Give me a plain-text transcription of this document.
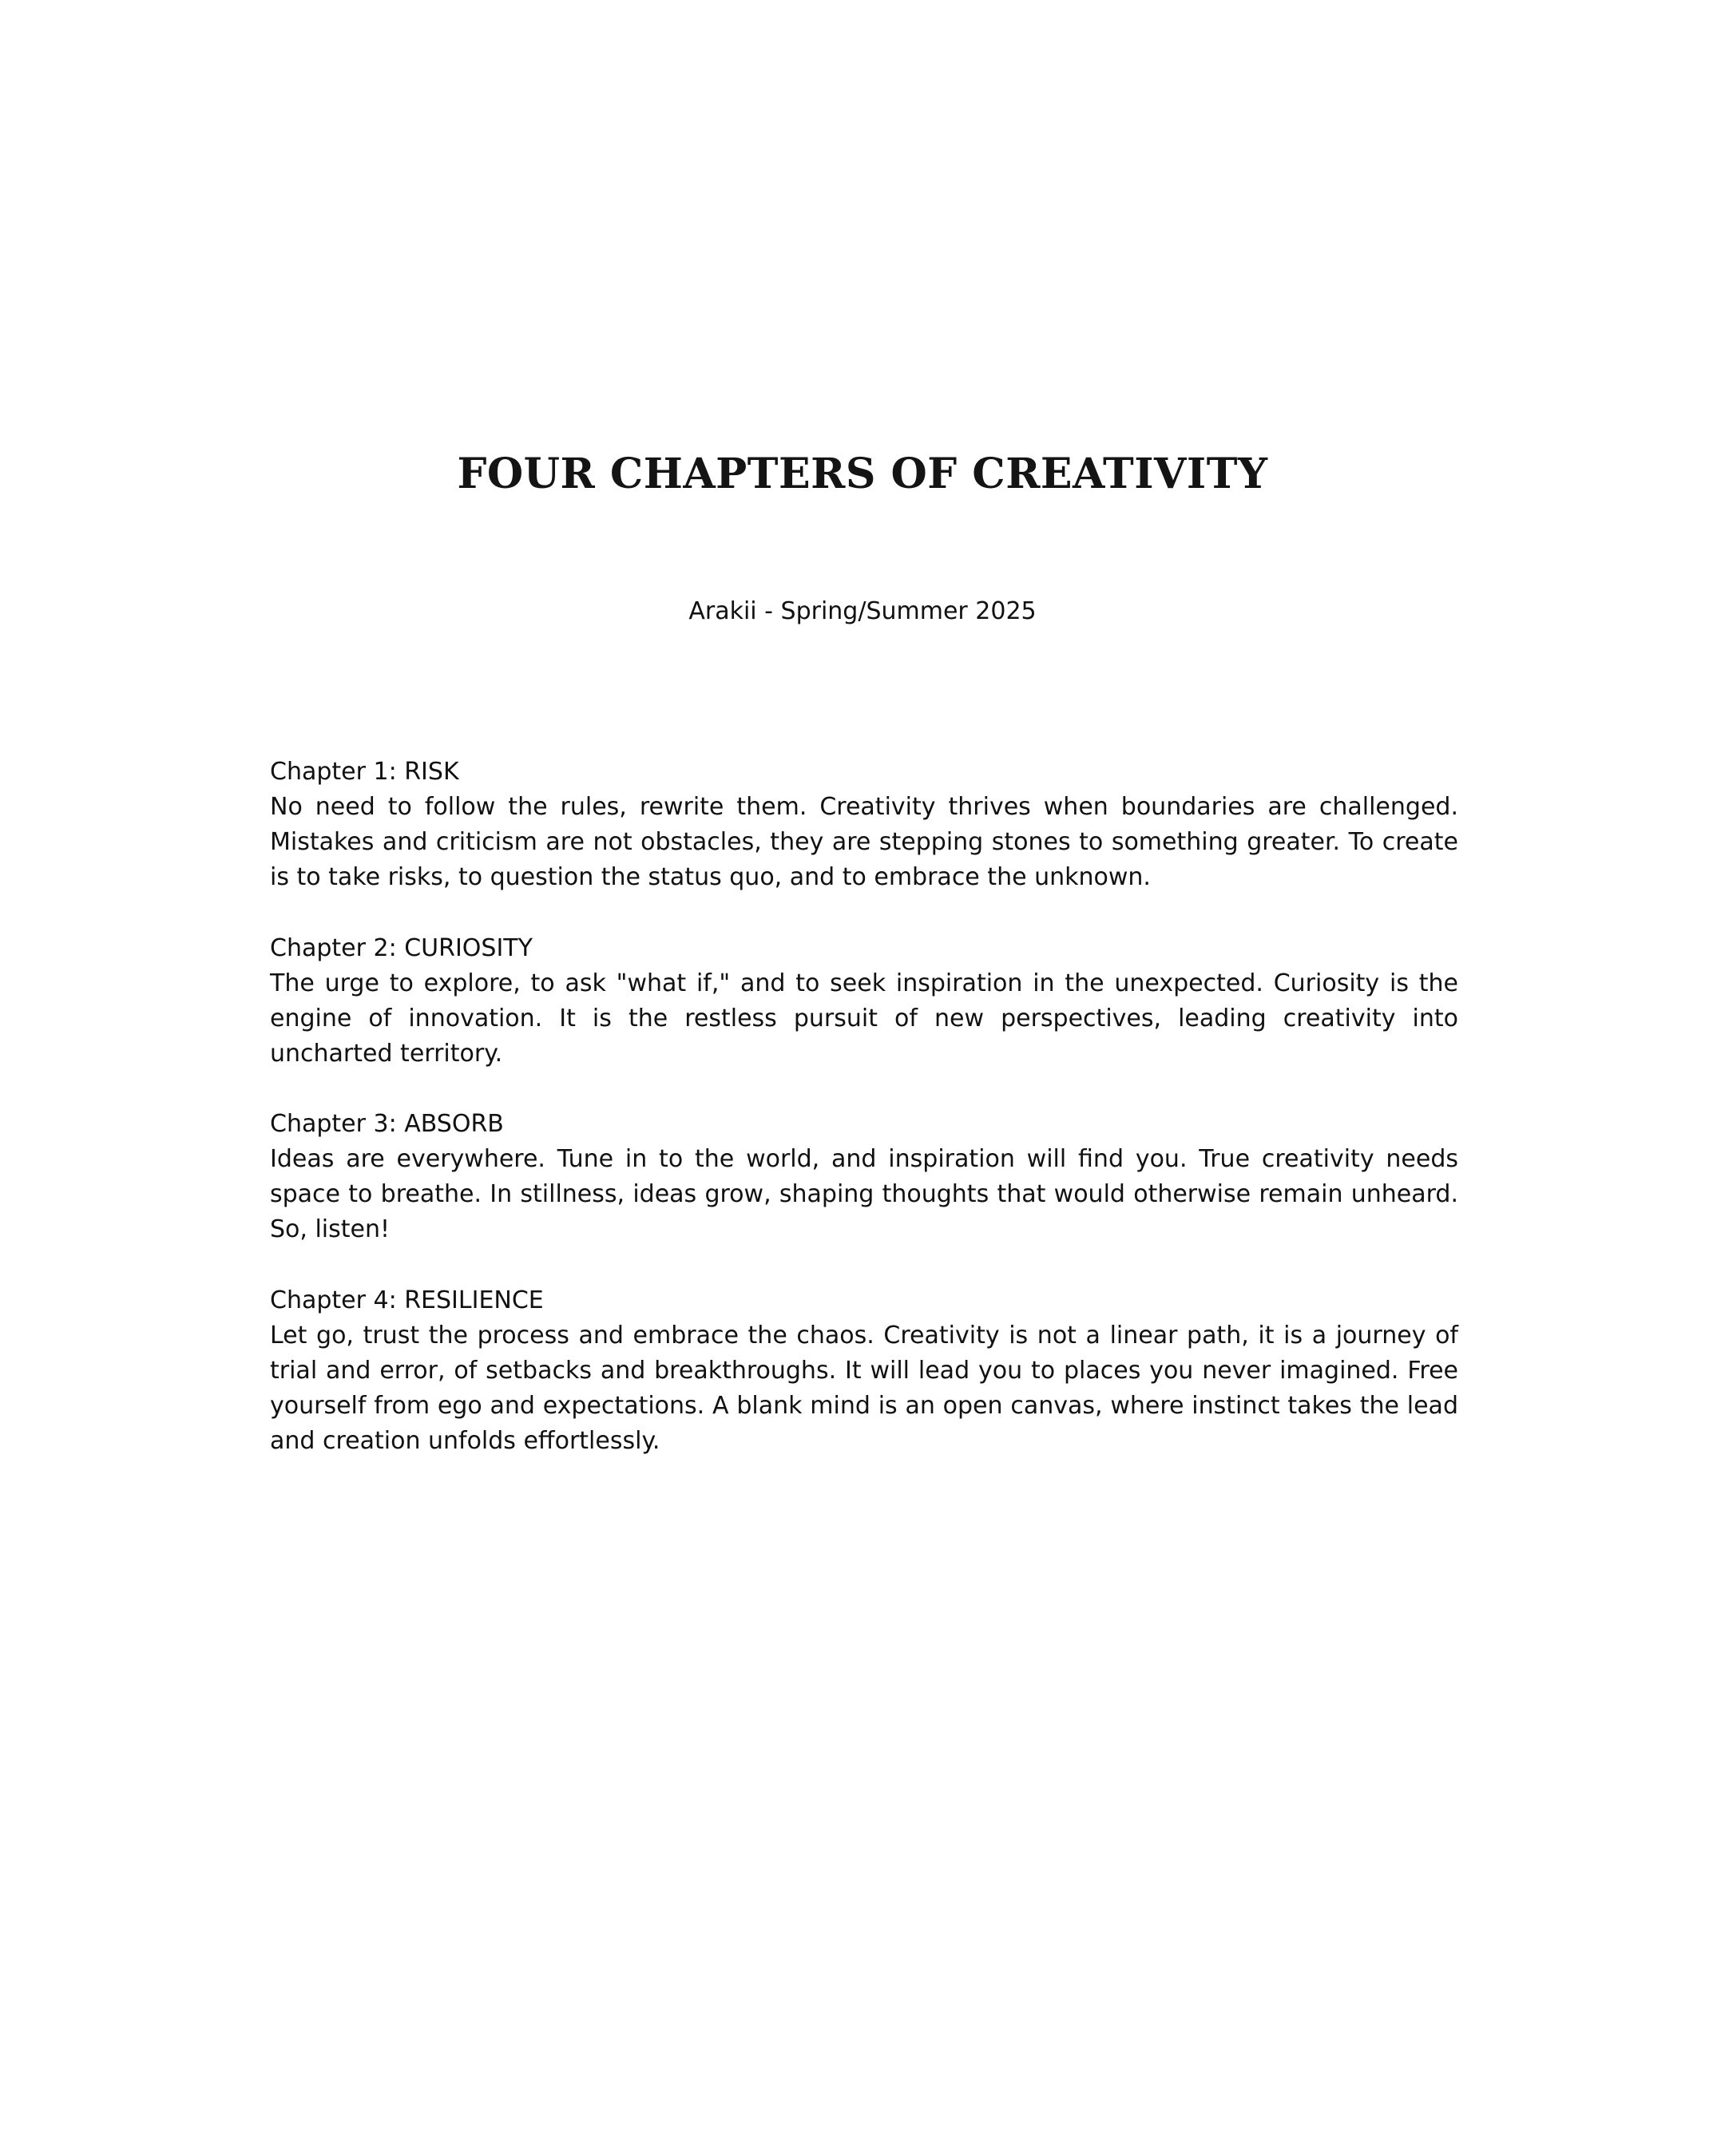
FOUR CHAPTERS OF CREATIVITY

Arakii - Spring/Summer 2025

Chapter 1: RISK
No need to follow the rules, rewrite them. Creativity thrives when boundaries are challenged. Mistakes and criticism are not obstacles, they are stepping stones to something greater. To create is to take risks, to question the status quo, and to embrace the unknown.
Chapter 2: CURIOSITY
The urge to explore, to ask "what if," and to seek inspiration in the unexpected. Curiosity is the engine of innovation. It is the restless pursuit of new perspectives, leading creativity into uncharted territory.
Chapter 3: ABSORB
Ideas are everywhere. Tune in to the world, and inspiration will find you. True creativity needs space to breathe. In stillness, ideas grow, shaping thoughts that would otherwise remain unheard. So, listen!
Chapter 4: RESILIENCE
Let go, trust the process and embrace the chaos. Creativity is not a linear path, it is a journey of trial and error, of setbacks and breakthroughs. It will lead you to places you never imagined. Free yourself from ego and expectations. A blank mind is an open canvas, where instinct takes the lead and creation unfolds effortlessly.
